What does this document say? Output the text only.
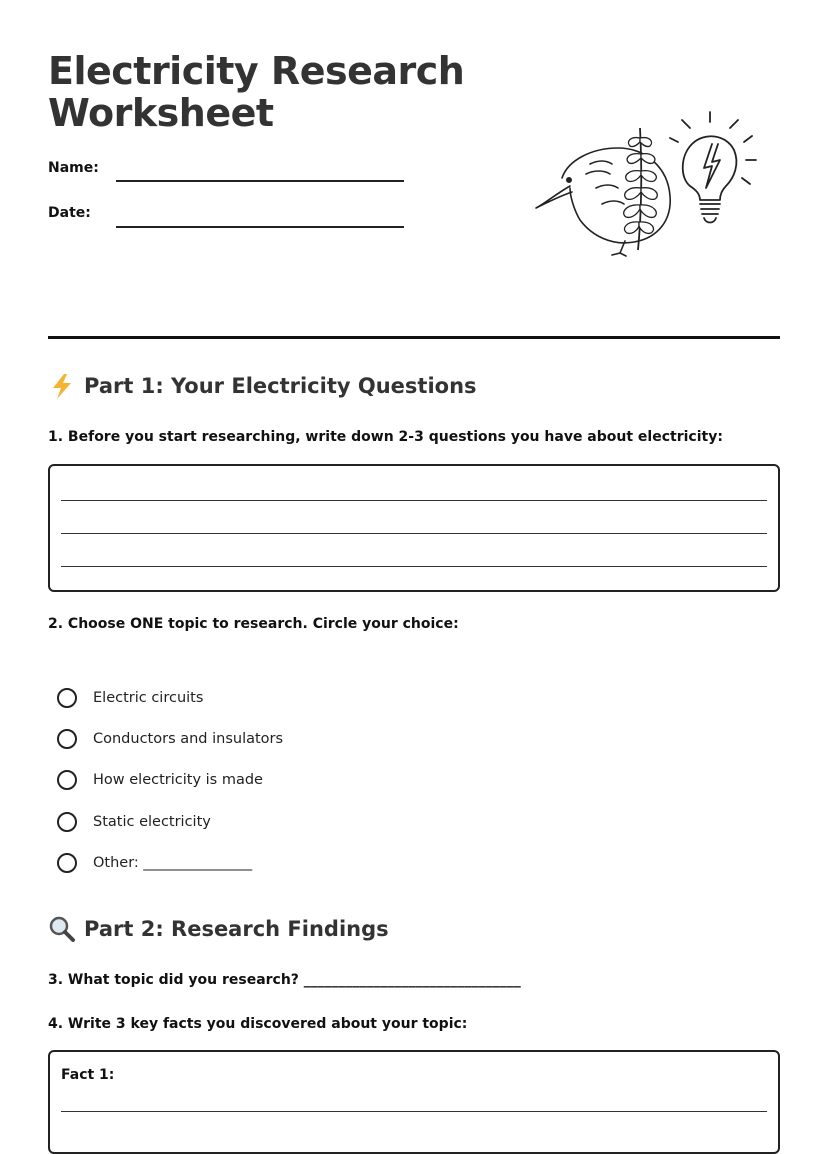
Electricity Research
Worksheet
Name:
Date:
Part 1: Your Electricity Questions

1. Before you start researching, write down 2-3 questions you have about electricity:

2. Choose ONE topic to research. Circle your choice:

Electric circuits
Conductors and insulators
How electricity is made
Static electricity
Other: _______________
Part 2: Research Findings

3. What topic did you research? _______________________________

4. Write 3 key facts you discovered about your topic:

Fact 1:
